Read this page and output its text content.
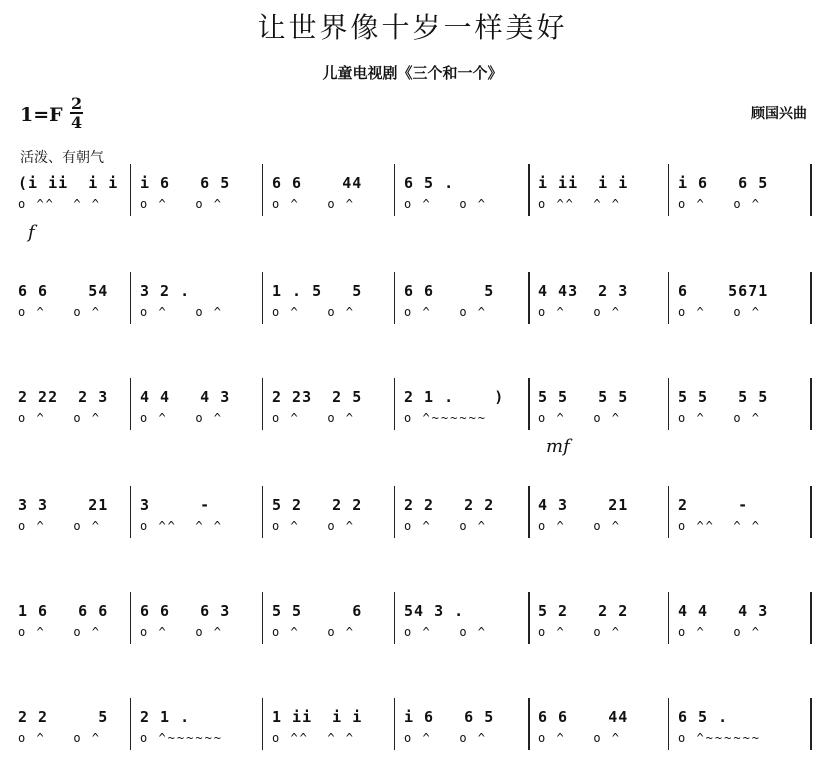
让世界像十岁一样美好
儿童电视剧《三个和一个》
1=F
2
4	顾国兴曲
活泼、有朝气
f
mf
(i ii  i i
o ^^  ^ ^
i 6   6 5
o ^   o ^
6 6    44
o ^   o ^
6 5 .
o ^   o ^
i ii  i i
o ^^  ^ ^
i 6   6 5
o ^   o ^
6 6    54
o ^   o ^
3 2 .
o ^   o ^
1 . 5   5
o ^   o ^
6 6     5
o ^   o ^
4 43  2 3
o ^   o ^
6    5671
o ^   o ^
2 22  2 3
o ^   o ^
4 4   4 3
o ^   o ^
2 23  2 5
o ^   o ^
2 1 .    )
o ^~~~~~~
5 5   5 5
o ^   o ^
5 5   5 5
o ^   o ^
3 3    21
o ^   o ^
3     -
o ^^  ^ ^
5 2   2 2
o ^   o ^
2 2   2 2
o ^   o ^
4 3    21
o ^   o ^
2     -
o ^^  ^ ^
1 6   6 6
o ^   o ^
6 6   6 3
o ^   o ^
5 5     6
o ^   o ^
54 3 .
o ^   o ^
5 2   2 2
o ^   o ^
4 4   4 3
o ^   o ^
2 2     5
o ^   o ^
2 1 .
o ^~~~~~~
1 ii  i i
o ^^  ^ ^
i 6   6 5
o ^   o ^
6 6    44
o ^   o ^
6 5 .
o ^~~~~~~
